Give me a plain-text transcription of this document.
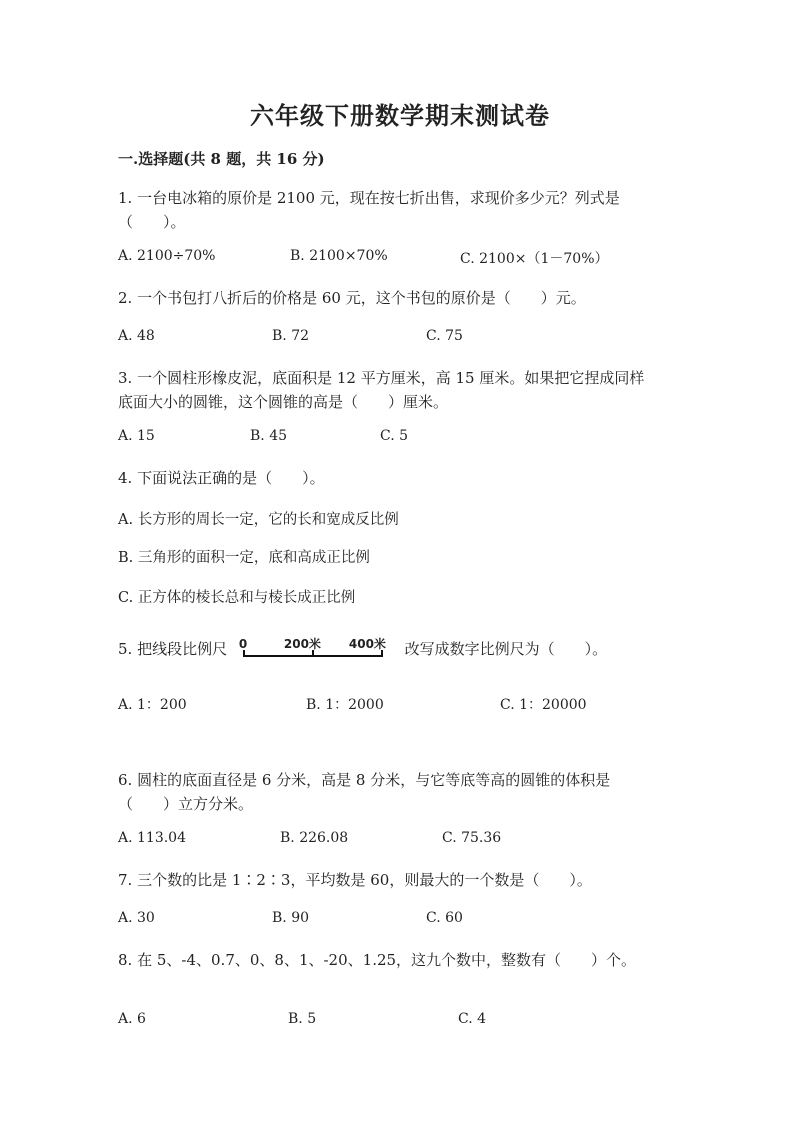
六年级下册数学期末测试卷
一.选择题(共 8 题，共 16 分)
1. 一台电冰箱的原价是 2100 元，现在按七折出售，求现价多少元？列式是
（　　）。
A. 2100÷70%	B. 2100×70%	C. 2100×（1－70%）
2. 一个书包打八折后的价格是 60 元，这个书包的原价是（　　）元。
A. 48	B. 72	C. 75
3. 一个圆柱形橡皮泥，底面积是 12 平方厘米，高 15 厘米。如果把它捏成同样
底面大小的圆锥，这个圆锥的高是（　　）厘米。
A. 15	B. 45	C. 5
4. 下面说法正确的是（　　）。
A. 长方形的周长一定，它的长和宽成反比例
B. 三角形的面积一定，底和高成正比例
C. 正方体的棱长总和与棱长成正比例
5. 把线段比例尺 0	200米 400米 改写成数字比例尺为（　　）。
A. 1：200	B. 1：2000	C. 1：20000
6. 圆柱的底面直径是 6 分米，高是 8 分米，与它等底等高的圆锥的体积是
（　　）立方分米。
A. 113.04	B. 226.08	C. 75.36
7. 三个数的比是 1∶2∶3，平均数是 60，则最大的一个数是（　　）。
A. 30	B. 90	C. 60
8. 在 5、-4、0.7、0、8、1、-20、1.25，这九个数中，整数有（　　）个。
A. 6	B. 5	C. 4
